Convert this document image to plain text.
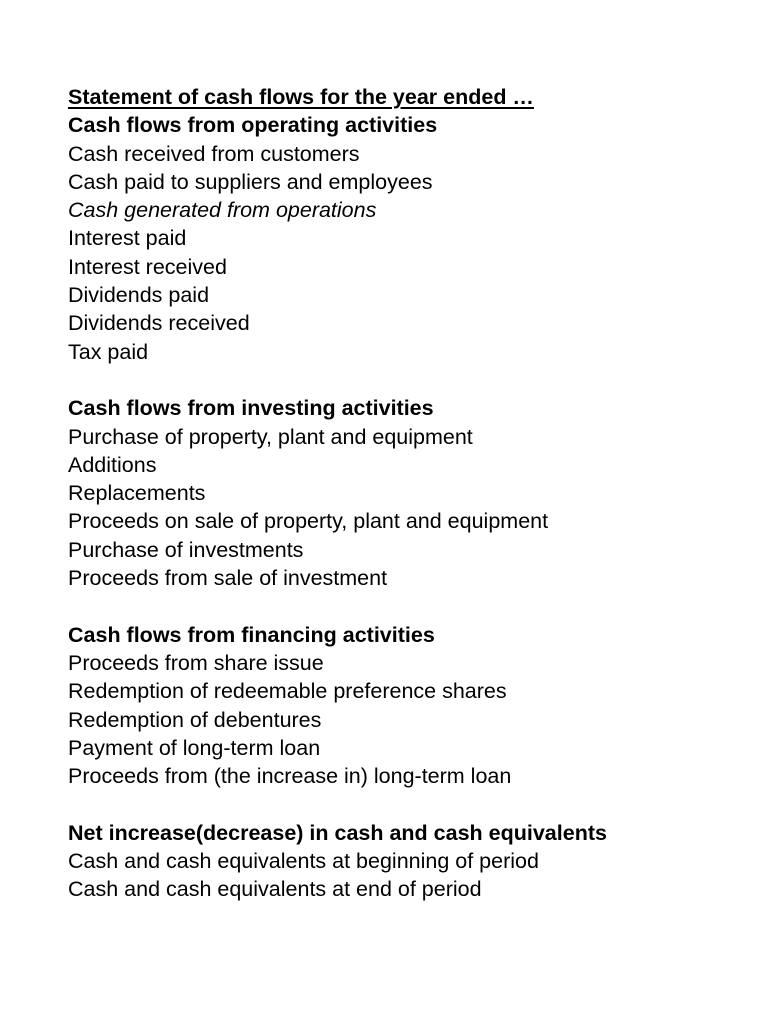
Statement of cash flows for the year ended …
Cash flows from operating activities
Cash received from customers
Cash paid to suppliers and employees
Cash generated from operations
Interest paid
Interest received
Dividends paid
Dividends received
Tax paid
Cash flows from investing activities
Purchase of property, plant and equipment
Additions
Replacements
Proceeds on sale of property, plant and equipment
Purchase of investments
Proceeds from sale of investment
Cash flows from financing activities
Proceeds from share issue
Redemption of redeemable preference shares
Redemption of debentures
Payment of long-term loan
Proceeds from (the increase in) long-term loan
Net increase(decrease) in cash and cash equivalents
Cash and cash equivalents at beginning of period
Cash and cash equivalents at end of period
